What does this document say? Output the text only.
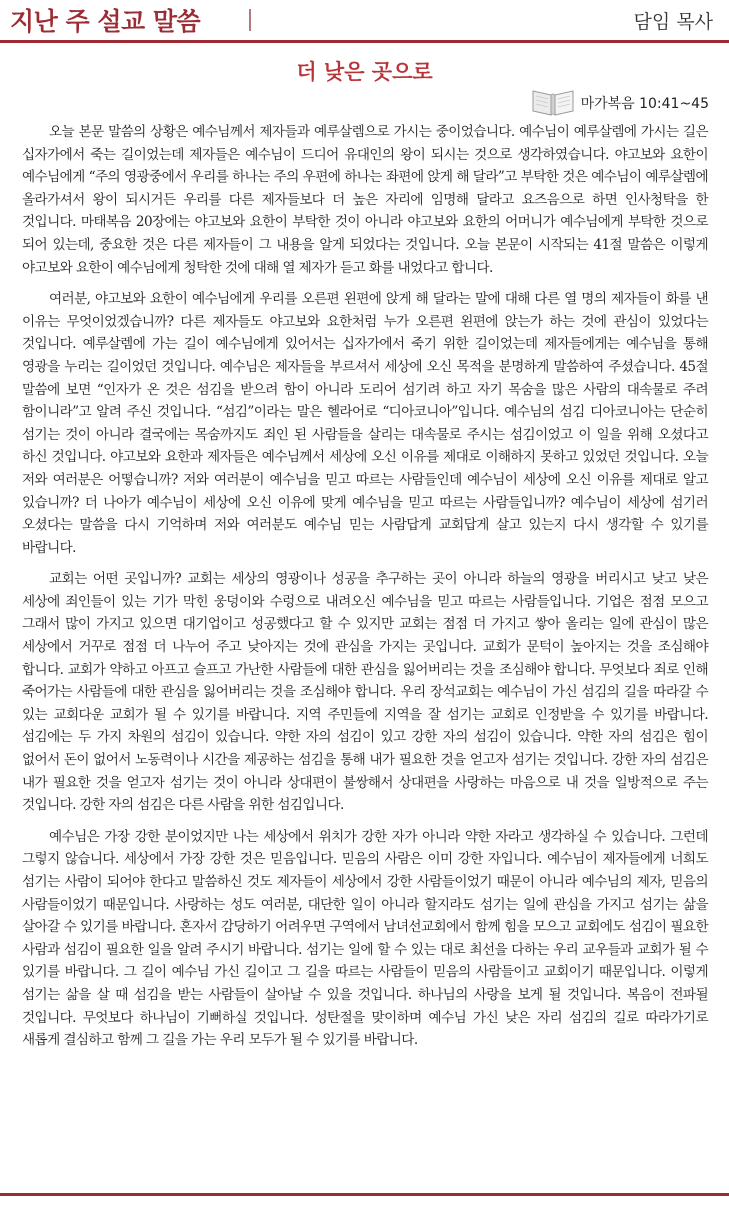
지난 주 설교 말씀	담임 목사
더 낮은 곳으로
마가복음 10:41~45

오늘 본문 말씀의 상황은 예수님께서 제자들과 예루살렘으로 가시는 중이었습니다. 예수님이 예루살렘에 가시는 길은 십자가에서 죽는 길이었는데 제자들은 예수님이 드디어 유대인의 왕이 되시는 것으로 생각하였습니다. 야고보와 요한이 예수님에게 “주의 영광중에서 우리를 하나는 주의 우편에 하나는 좌편에 앉게 해 달라”고 부탁한 것은 예수님이 예루살렘에 올라가셔서 왕이 되시거든 우리를 다른 제자들보다 더 높은 자리에 임명해 달라고 요즈음으로 하면 인사청탁을 한 것입니다. 마태복음 20장에는 야고보와 요한이 부탁한 것이 아니라 야고보와 요한의 어머니가 예수님에게 부탁한 것으로 되어 있는데, 중요한 것은 다른 제자들이 그 내용을 알게 되었다는 것입니다. 오늘 본문이 시작되는 41절 말씀은 이렇게 야고보와 요한이 예수님에게 청탁한 것에 대해 열 제자가 듣고 화를 내었다고 합니다.

여러분, 야고보와 요한이 예수님에게 우리를 오른편 왼편에 앉게 해 달라는 말에 대해 다른 열 명의 제자들이 화를 낸 이유는 무엇이었겠습니까? 다른 제자들도 야고보와 요한처럼 누가 오른편 왼편에 앉는가 하는 것에 관심이 있었다는 것입니다. 예루살렘에 가는 길이 예수님에게 있어서는 십자가에서 죽기 위한 길이었는데 제자들에게는 예수님을 통해 영광을 누리는 길이었던 것입니다. 예수님은 제자들을 부르셔서 세상에 오신 목적을 분명하게 말씀하여 주셨습니다. 45절 말씀에 보면 “인자가 온 것은 섬김을 받으려 함이 아니라 도리어 섬기려 하고 자기 목숨을 많은 사람의 대속물로 주려 함이니라”고 알려 주신 것입니다. “섬김”이라는 말은 헬라어로 “디아코니아”입니다. 예수님의 섬김 디아코니아는 단순히 섬기는 것이 아니라 결국에는 목숨까지도 죄인 된 사람들을 살리는 대속물로 주시는 섬김이었고 이 일을 위해 오셨다고 하신 것입니다. 야고보와 요한과 제자들은 예수님께서 세상에 오신 이유를 제대로 이해하지 못하고 있었던 것입니다. 오늘 저와 여러분은 어떻습니까? 저와 여러분이 예수님을 믿고 따르는 사람들인데 예수님이 세상에 오신 이유를 제대로 알고 있습니까? 더 나아가 예수님이 세상에 오신 이유에 맞게 예수님을 믿고 따르는 사람들입니까? 예수님이 세상에 섬기러 오셨다는 말씀을 다시 기억하며 저와 여러분도 예수님 믿는 사람답게 교회답게 살고 있는지 다시 생각할 수 있기를 바랍니다.

교회는 어떤 곳입니까? 교회는 세상의 영광이나 성공을 추구하는 곳이 아니라 하늘의 영광을 버리시고 낮고 낮은 세상에 죄인들이 있는 기가 막힌 웅덩이와 수렁으로 내려오신 예수님을 믿고 따르는 사람들입니다. 기업은 점점 모으고 그래서 많이 가지고 있으면 대기업이고 성공했다고 할 수 있지만 교회는 점점 더 가지고 쌓아 올리는 일에 관심이 많은 세상에서 거꾸로 점점 더 나누어 주고 낮아지는 것에 관심을 가지는 곳입니다. 교회가 문턱이 높아지는 것을 조심해야 합니다. 교회가 약하고 아프고 슬프고 가난한 사람들에 대한 관심을 잃어버리는 것을 조심해야 합니다. 무엇보다 죄로 인해 죽어가는 사람들에 대한 관심을 잃어버리는 것을 조심해야 합니다. 우리 장석교회는 예수님이 가신 섬김의 길을 따라갈 수 있는 교회다운 교회가 될 수 있기를 바랍니다. 지역 주민들에 지역을 잘 섬기는 교회로 인정받을 수 있기를 바랍니다. 섬김에는 두 가지 차원의 섬김이 있습니다. 약한 자의 섬김이 있고 강한 자의 섬김이 있습니다. 약한 자의 섬김은 힘이 없어서 돈이 없어서 노동력이나 시간을 제공하는 섬김을 통해 내가 필요한 것을 얻고자 섬기는 것입니다. 강한 자의 섬김은 내가 필요한 것을 얻고자 섬기는 것이 아니라 상대편이 불쌍해서 상대편을 사랑하는 마음으로 내 것을 일방적으로 주는 것입니다. 강한 자의 섬김은 다른 사람을 위한 섬김입니다.

예수님은 가장 강한 분이었지만 나는 세상에서 위치가 강한 자가 아니라 약한 자라고 생각하실 수 있습니다. 그런데 그렇지 않습니다. 세상에서 가장 강한 것은 믿음입니다. 믿음의 사람은 이미 강한 자입니다. 예수님이 제자들에게 너희도 섬기는 사람이 되어야 한다고 말씀하신 것도 제자들이 세상에서 강한 사람들이었기 때문이 아니라 예수님의 제자, 믿음의 사람들이었기 때문입니다. 사랑하는 성도 여러분, 대단한 일이 아니라 할지라도 섬기는 일에 관심을 가지고 섬기는 삶을 살아갈 수 있기를 바랍니다. 혼자서 감당하기 어려우면 구역에서 남녀선교회에서 함께 힘을 모으고 교회에도 섬김이 필요한 사람과 섬김이 필요한 일을 알려 주시기 바랍니다. 섬기는 일에 할 수 있는 대로 최선을 다하는 우리 교우들과 교회가 될 수 있기를 바랍니다. 그 길이 예수님 가신 길이고 그 길을 따르는 사람들이 믿음의 사람들이고 교회이기 때문입니다. 이렇게 섬기는 삶을 살 때 섬김을 받는 사람들이 살아날 수 있을 것입니다. 하나님의 사랑을 보게 될 것입니다. 복음이 전파될 것입니다. 무엇보다 하나님이 기뻐하실 것입니다. 성탄절을 맞이하며 예수님 가신 낮은 자리 섬김의 길로 따라가기로 새롭게 결심하고 함께 그 길을 가는 우리 모두가 될 수 있기를 바랍니다.
